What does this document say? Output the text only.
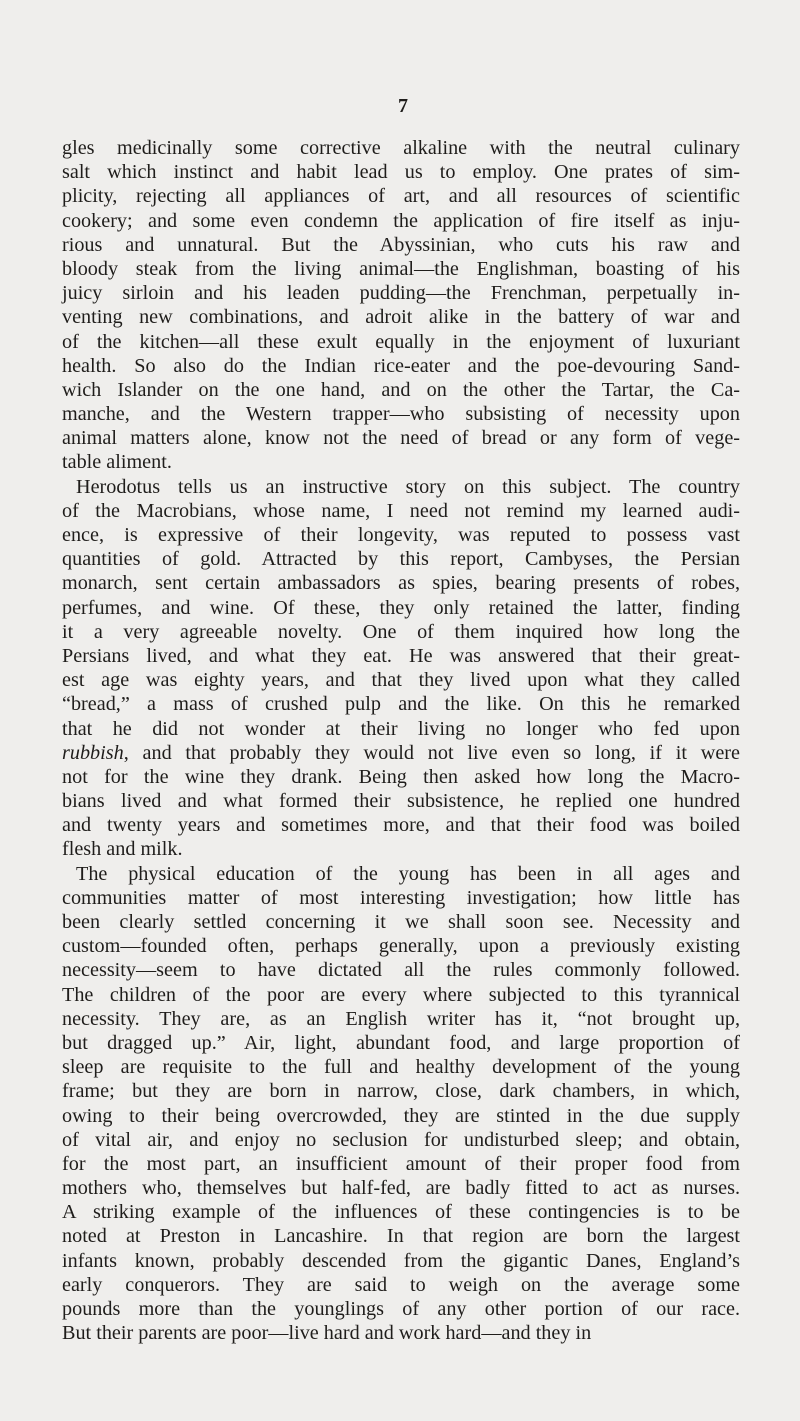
7
gles medicinally some corrective alkaline with the neutral culinary
salt which instinct and habit lead us to employ. One prates of sim-
plicity, rejecting all appliances of art, and all resources of scientific
cookery; and some even condemn the application of fire itself as inju-
rious and unnatural. But the Abyssinian, who cuts his raw and
bloody steak from the living animal—the Englishman, boasting of his
juicy sirloin and his leaden pudding—the Frenchman, perpetually in-
venting new combinations, and adroit alike in the battery of war and
of the kitchen—all these exult equally in the enjoyment of luxuriant
health. So also do the Indian rice-eater and the poe-devouring Sand-
wich Islander on the one hand, and on the other the Tartar, the Ca-
manche, and the Western trapper—who subsisting of necessity upon
animal matters alone, know not the need of bread or any form of vege-
table aliment.
Herodotus tells us an instructive story on this subject. The country
of the Macrobians, whose name, I need not remind my learned audi-
ence, is expressive of their longevity, was reputed to possess vast
quantities of gold. Attracted by this report, Cambyses, the Persian
monarch, sent certain ambassadors as spies, bearing presents of robes,
perfumes, and wine. Of these, they only retained the latter, finding
it a very agreeable novelty. One of them inquired how long the
Persians lived, and what they eat. He was answered that their great-
est age was eighty years, and that they lived upon what they called
“bread,” a mass of crushed pulp and the like. On this he remarked
that he did not wonder at their living no longer who fed upon
rubbish, and that probably they would not live even so long, if it were
not for the wine they drank. Being then asked how long the Macro-
bians lived and what formed their subsistence, he replied one hundred
and twenty years and sometimes more, and that their food was boiled
flesh and milk.
The physical education of the young has been in all ages and
communities matter of most interesting investigation; how little has
been clearly settled concerning it we shall soon see. Necessity and
custom—founded often, perhaps generally, upon a previously existing
necessity—seem to have dictated all the rules commonly followed.
The children of the poor are every where subjected to this tyrannical
necessity. They are, as an English writer has it, “not brought up,
but dragged up.” Air, light, abundant food, and large proportion of
sleep are requisite to the full and healthy development of the young
frame; but they are born in narrow, close, dark chambers, in which,
owing to their being overcrowded, they are stinted in the due supply
of vital air, and enjoy no seclusion for undisturbed sleep; and obtain,
for the most part, an insufficient amount of their proper food from
mothers who, themselves but half-fed, are badly fitted to act as nurses.
A striking example of the influences of these contingencies is to be
noted at Preston in Lancashire. In that region are born the largest
infants known, probably descended from the gigantic Danes, England’s
early conquerors. They are said to weigh on the average some
pounds more than the younglings of any other portion of our race.
But their parents are poor—live hard and work hard—and they in
